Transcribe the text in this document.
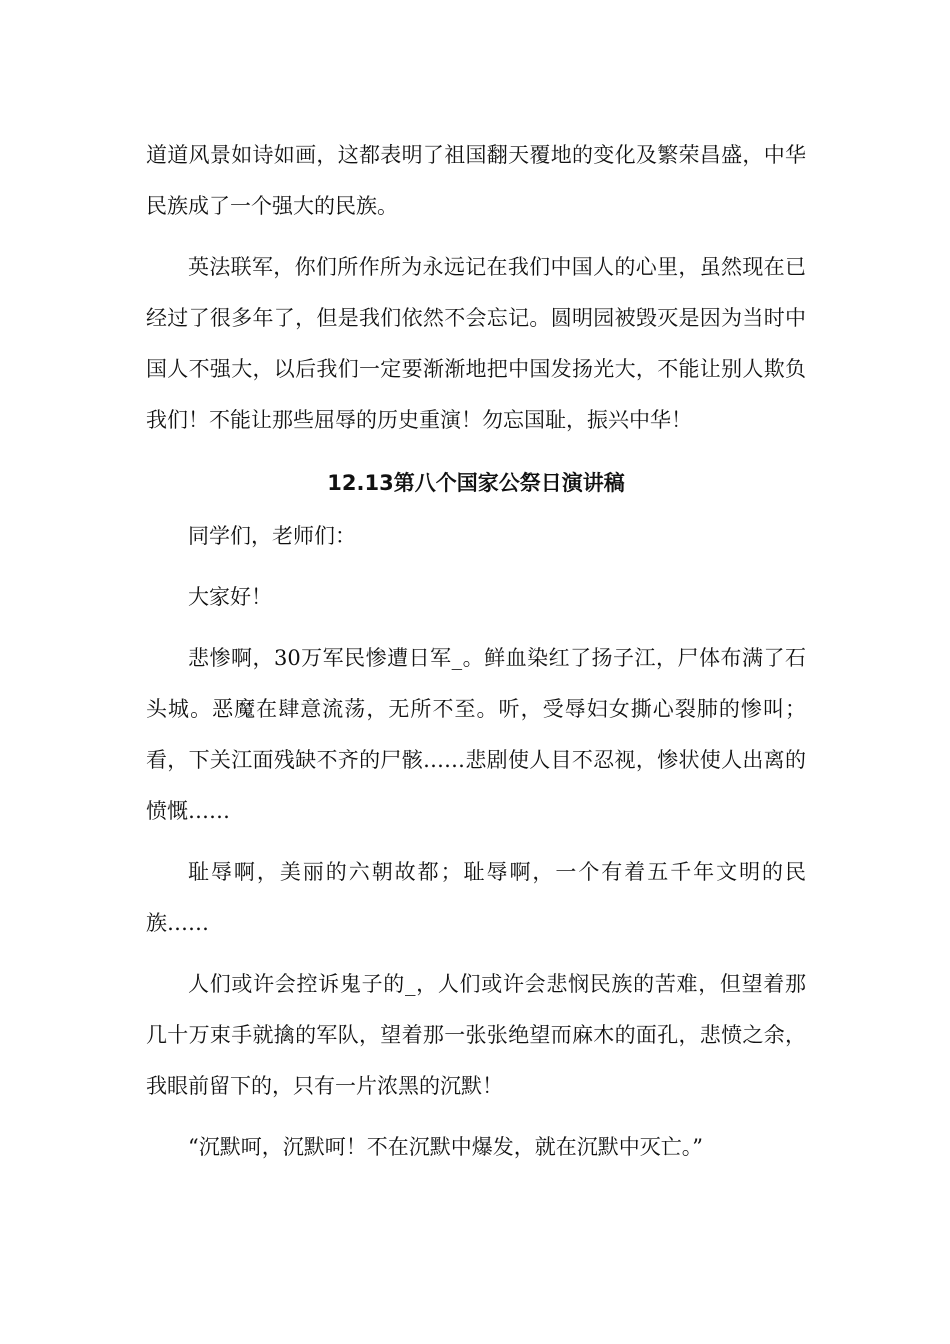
道道风景如诗如画，这都表明了祖国翻天覆地的变化及繁荣昌盛，中华民族成了一个强大的民族。

英法联军，你们所作所为永远记在我们中国人的心里，虽然现在已经过了很多年了，但是我们依然不会忘记。圆明园被毁灭是因为当时中国人不强大，以后我们一定要渐渐地把中国发扬光大，不能让别人欺负我们！不能让那些屈辱的历史重演！勿忘国耻，振兴中华！

12.13第八个国家公祭日演讲稿

同学们，老师们：

大家好！

悲惨啊，30万军民惨遭日军_。鲜血染红了扬子江，尸体布满了石头城。恶魔在肆意流荡，无所不至。听，受辱妇女撕心裂肺的惨叫；看，下关江面残缺不齐的尸骸……悲剧使人目不忍视，惨状使人出离的愤慨……

耻辱啊，美丽的六朝故都；耻辱啊，一个有着五千年文明的民族……

人们或许会控诉鬼子的_，人们或许会悲悯民族的苦难，但望着那几十万束手就擒的军队，望着那一张张绝望而麻木的面孔，悲愤之余，我眼前留下的，只有一片浓黑的沉默！

“沉默呵，沉默呵！不在沉默中爆发，就在沉默中灭亡。”
